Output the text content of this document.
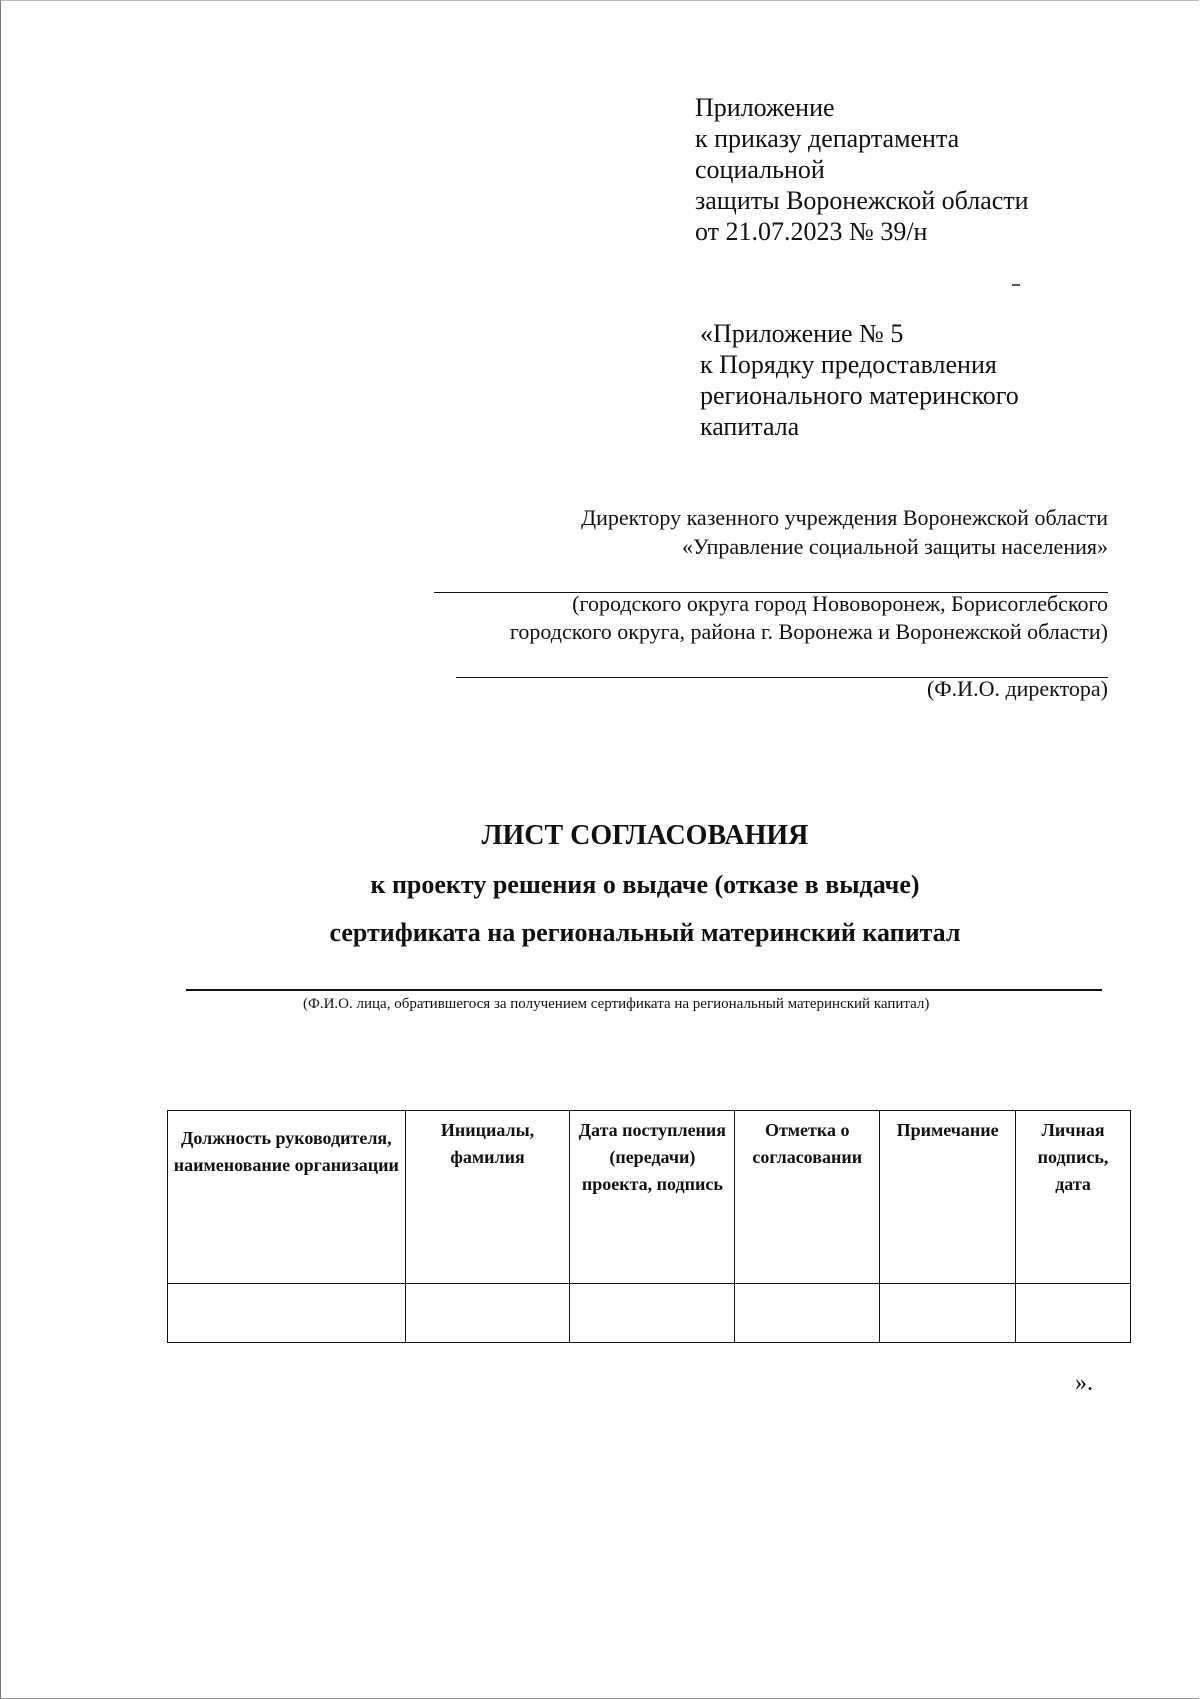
Приложение
к приказу департамента
социальной
защиты Воронежской области
от 21.07.2023 № 39/н
«Приложение № 5
к Порядку предоставления
регионального материнского
капитала
Директору казенного учреждения Воронежской области
«Управление социальной защиты населения»
(городского округа город Нововоронеж, Борисоглебского
городского округа, района г. Воронежа и Воронежской области)
(Ф.И.О. директора)
ЛИСТ СОГЛАСОВАНИЯ
к проекту решения о выдаче (отказе в выдаче)
сертификата на региональный материнский капитал
(Ф.И.О. лица, обратившегося за получением сертификата на региональный материнский капитал)
Должность руководителя, наименование организации	Инициалы, фамилия	Дата поступления (передачи) проекта, подпись	Отметка о согласовании	Примечание	Личная подпись, дата

».
